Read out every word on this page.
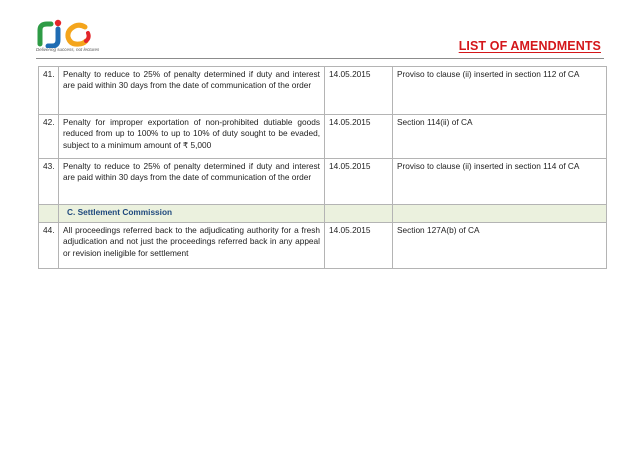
Delivering success, not lectures	LIST OF AMENDMENTS
41.	Penalty to reduce to 25% of penalty determined if duty and interest are paid within 30 days from the date of communication of the order	14.05.2015	Proviso to clause (ii) inserted in section 112 of CA
42.	Penalty for improper exportation of non-prohibited dutiable goods reduced from up to 100% to up to 10% of duty sought to be evaded, subject to a minimum amount of ₹ 5,000	14.05.2015	Section 114(ii) of CA
43.	Penalty to reduce to 25% of penalty determined if duty and interest are paid within 30 days from the date of communication of the order	14.05.2015	Proviso to clause (ii) inserted in section 114 of CA
	C. Settlement Commission		
44.	All proceedings referred back to the adjudicating authority for a fresh adjudication and not just the proceedings referred back in any appeal or revision ineligible for settlement	14.05.2015	Section 127A(b) of CA
